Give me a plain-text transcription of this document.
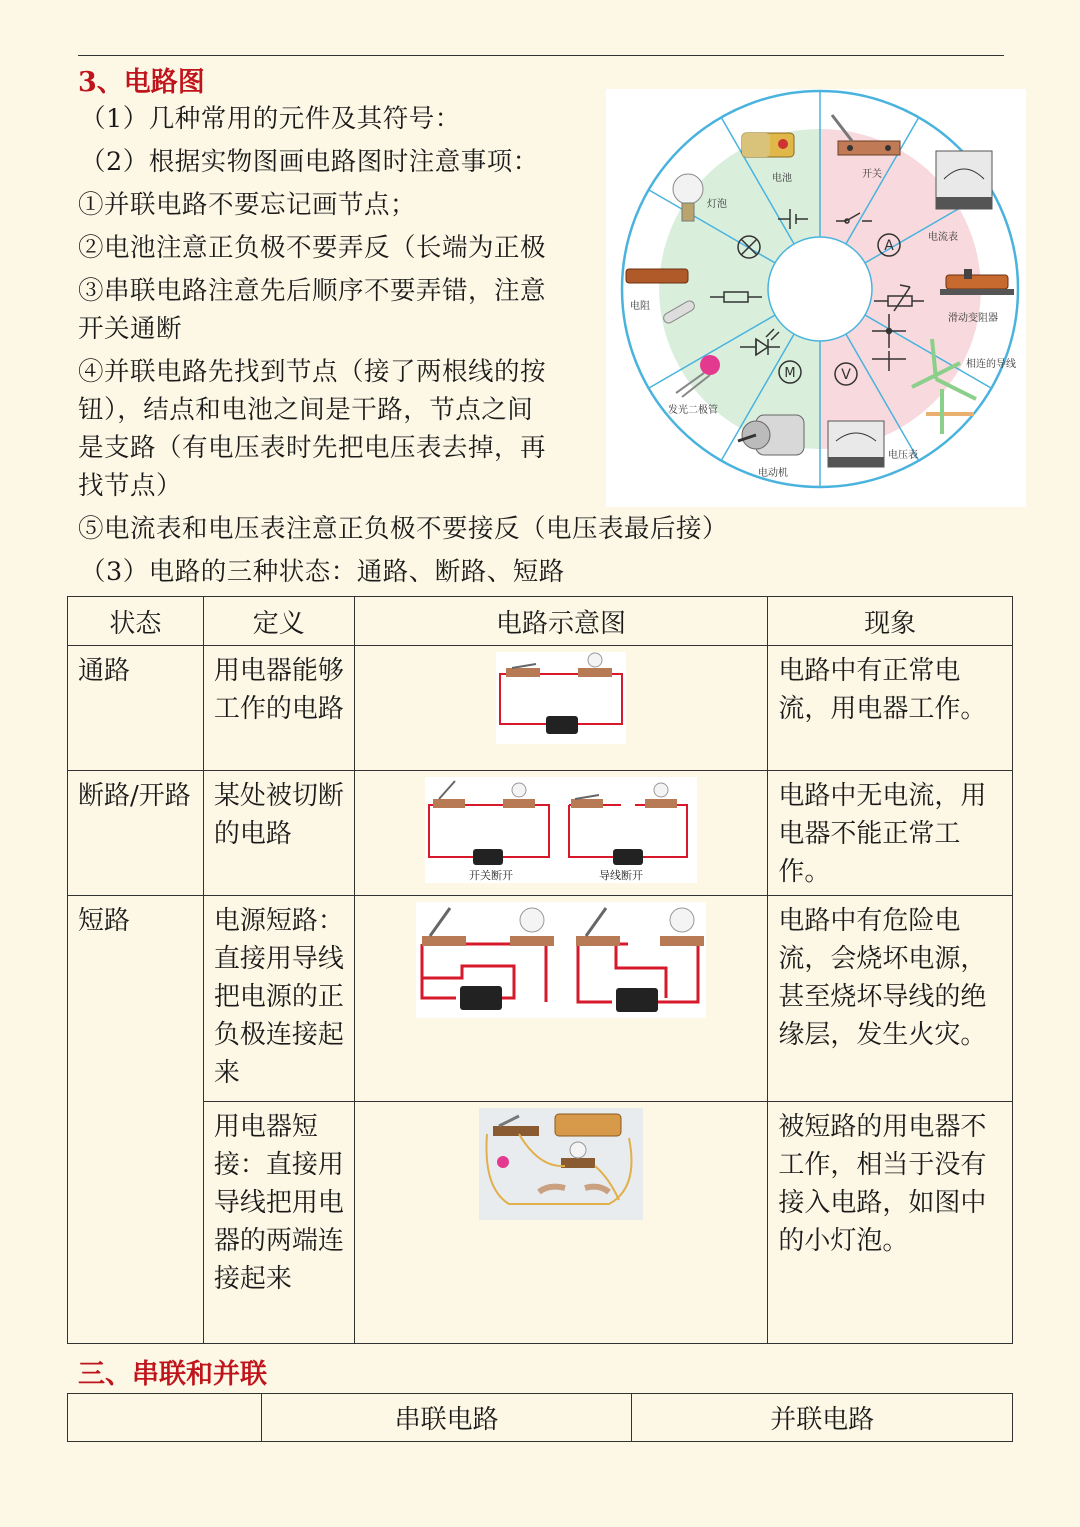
3、电路图
（1）几种常用的元件及其符号：
（2）根据实物图画电路图时注意事项：
①并联电路不要忘记画节点；
②电池注意正负极不要弄反（长端为正极
③串联电路注意先后顺序不要弄错，注意
开关通断
④并联电路先找到节点（接了两根线的按
钮），结点和电池之间是干路，节点之间
是支路（有电压表时先把电压表去掉，再
找节点）
⑤电流表和电压表注意正负极不要接反（电压表最后接）
（3）电路的三种状态：通路、断路、短路
A
V
M
电池	开关
灯泡
电流表
电阻
滑动变阻器
相连的导线
发光二极管
电动机
电压表
状态	定义	电路示意图	现象
通路	用电器能够工作的电路		电路中有正常电流，用电器工作。
断路/开路	某处被切断的电路	开关断开 导线断开	电路中无电流，用电器不能正常工作。
短路	电源短路：直接用导线把电源的正负极连接起来		电路中有危险电流，会烧坏电源，甚至烧坏导线的绝缘层，发生火灾。
	用电器短接：直接用导线把用电器的两端连接起来		被短路的用电器不工作，相当于没有接入电路，如图中的小灯泡。
三、串联和并联
	串联电路	并联电路
